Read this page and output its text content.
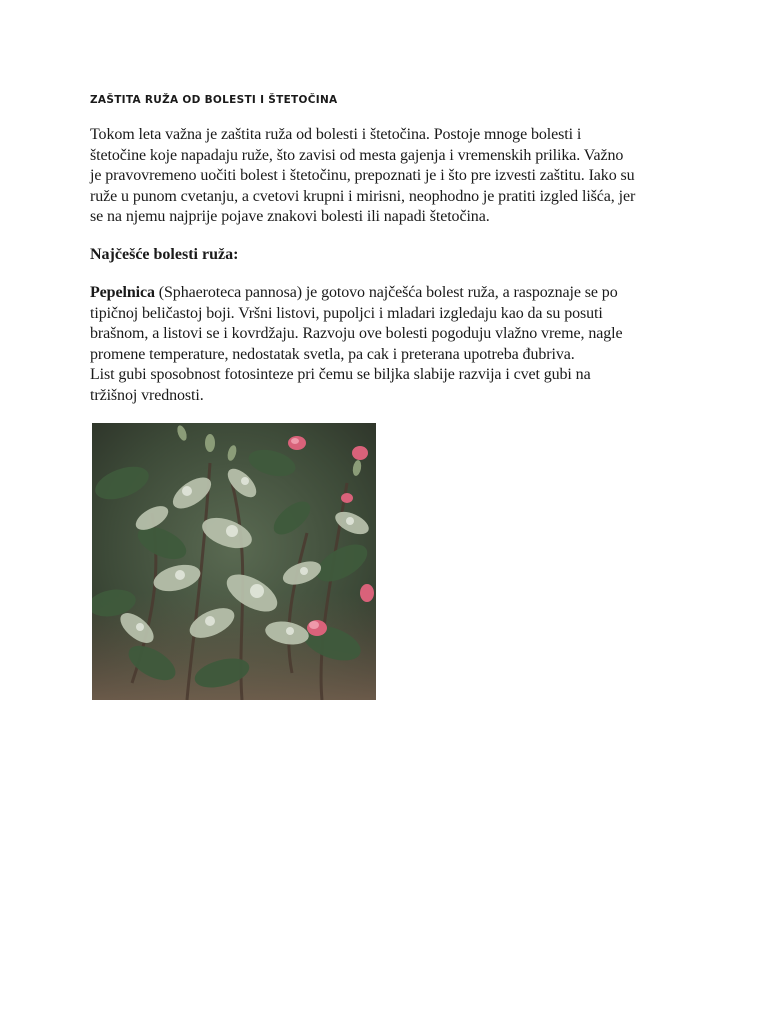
ZAŠTITA RUŽA OD BOLESTI I ŠTETOČINA

Tokom leta važna je zaštita ruža od bolesti i štetočina. Postoje mnoge bolesti i
štetočine koje napadaju ruže, što zavisi od mesta gajenja i vremenskih prilika. Važno
je pravovremeno uočiti bolest i štetočinu, prepoznati je i što pre izvesti zaštitu. Iako su
ruže u punom cvetanju, a cvetovi krupni i mirisni, neophodno je pratiti izgled lišća, jer
se na njemu najprije pojave znakovi bolesti ili napadi štetočina.

Najčešće bolesti ruža:

Pepelnica (Sphaeroteca pannosa) je gotovo najčešća bolest ruža, a raspoznaje se po
tipičnoj beličastoj boji. Vršni listovi, pupoljci i mladari izgledaju kao da su posuti
brašnom, a listovi se i kovrdžaju. Razvoju ove bolesti pogoduju vlažno vreme, nagle
promene temperature, nedostatak svetla, pa cak i preterana upotreba đubriva.
List gubi sposobnost fotosinteze pri čemu se biljka slabije razvija i cvet gubi na
tržišnoj vrednosti.
